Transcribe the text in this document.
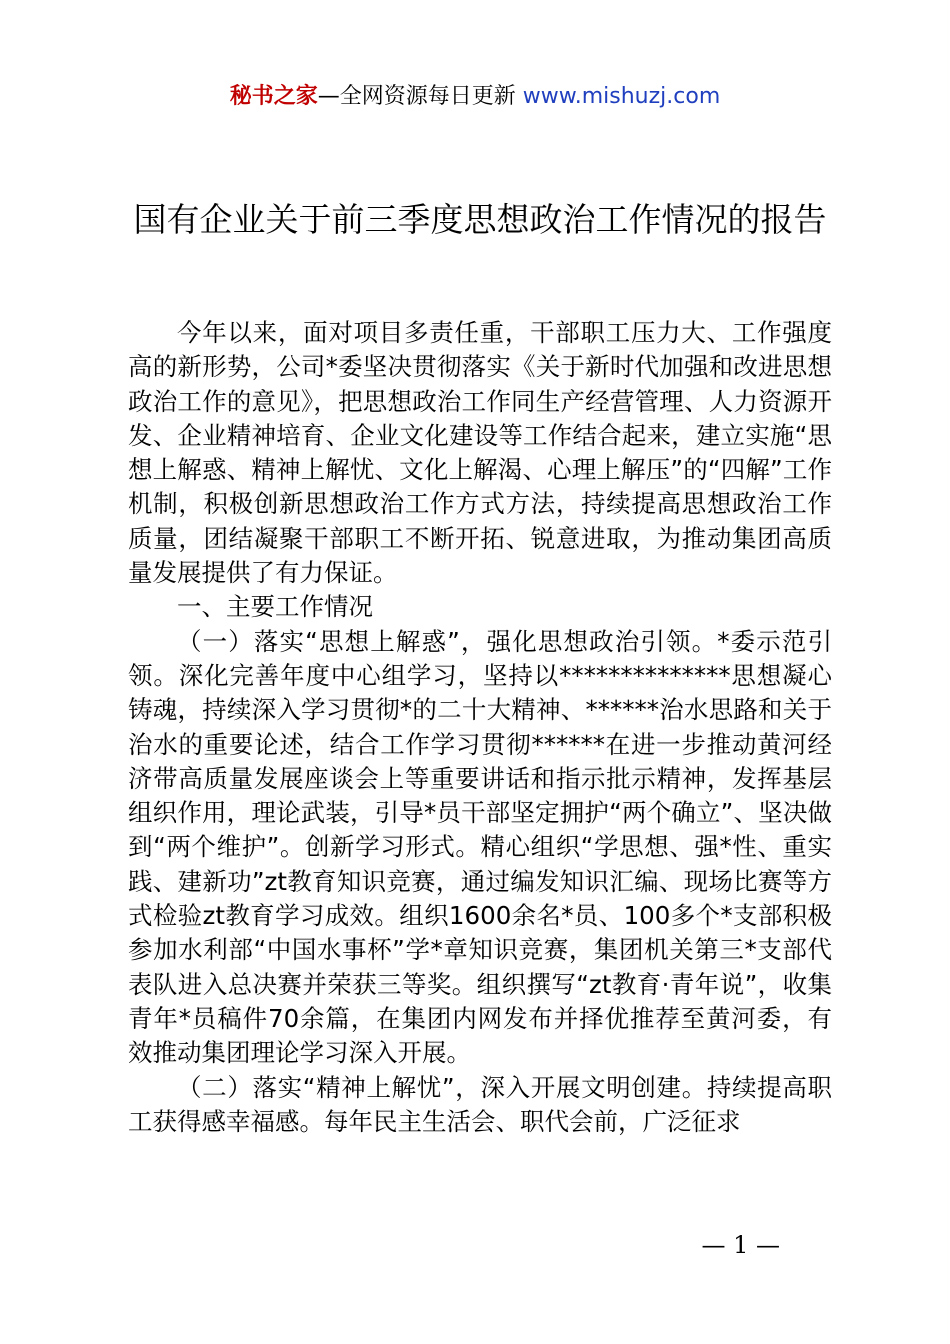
秘书之家—全网资源每日更新 www.mishuzj.com
国有企业关于前三季度思想政治工作情况的报告

今年以来，面对项目多责任重，干部职工压力大、工作强度高的新形势，公司*委坚决贯彻落实《关于新时代加强和改进思想政治工作的意见》，把思想政治工作同生产经营管理、人力资源开发、企业精神培育、企业文化建设等工作结合起来，建立实施“思想上解惑、精神上解忧、文化上解渴、心理上解压”的“四解”工作机制，积极创新思想政治工作方式方法，持续提高思想政治工作质量，团结凝聚干部职工不断开拓、锐意进取，为推动集团高质量发展提供了有力保证。

一、主要工作情况

（一）落实“思想上解惑”，强化思想政治引领。*委示范引领。深化完善年度中心组学习，坚持以**************思想凝心铸魂，持续深入学习贯彻*的二十大精神、******治水思路和关于治水的重要论述，结合工作学习贯彻******在进一步推动黄河经济带高质量发展座谈会上等重要讲话和指示批示精神，发挥基层组织作用，理论武装，引导*员干部坚定拥护“两个确立”、坚决做到“两个维护”。创新学习形式。精心组织“学思想、强*性、重实践、建新功”zt教育知识竞赛，通过编发知识汇编、现场比赛等方式检验zt教育学习成效。组织1600余名*员、100多个*支部积极参加水利部“中国水事杯”学*章知识竞赛，集团机关第三*支部代表队进入总决赛并荣获三等奖。组织撰写“zt教育·青年说”，收集青年*员稿件70余篇，在集团内网发布并择优推荐至黄河委，有效推动集团理论学习深入开展。

（二）落实“精神上解忧”，深入开展文明创建。持续提高职工获得感幸福感。每年民主生活会、职代会前，广泛征求

— 1 —
